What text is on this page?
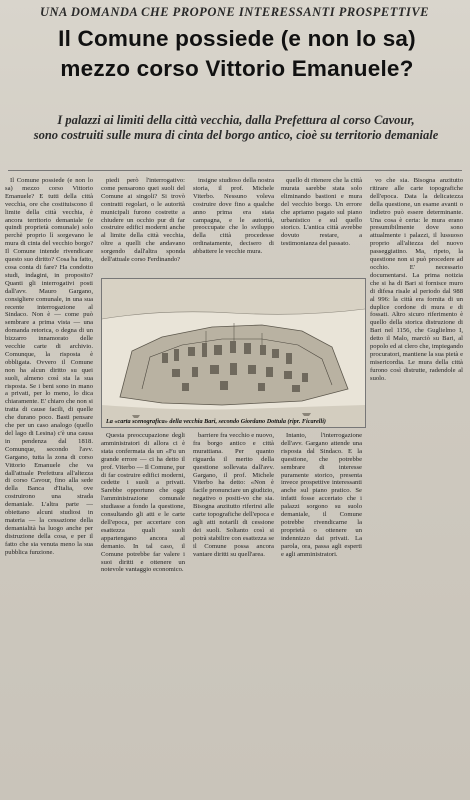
UNA DOMANDA CHE PROPONE INTERESSANTI PROSPETTIVE
Il Comune possiede (e non lo sa)
mezzo corso Vittorio Emanuele?
I palazzi ai limiti della città vecchia, dalla Prefettura al corso Cavour,
sono costruiti sulle mura di cinta del borgo antico, cioè su territorio demaniale

Il Comune possiede (e non lo sa) mezzo corso Vittorio Emanuele? E tutti della città vecchia, ore che costituiscono il limite della città vecchia, è ancora territorio demaniale (e quindi proprietà comunale) solo perchè proprio lì sorgevano le mura di cinta del vecchio borgo? Il Comune intende rivendicare questo suo diritto? Cosa ha fatto, cosa conta di fare? Ha condotto studi, indagini, in proposito? Quanti gli interrogativi posti dall'avv. Mauro Gargano, consigliere comunale, in una sua recente interrogazione al Sindaco. Non è — come può sembrare a prima vista — una domanda retorica, o degna di un bizzarro innamorato delle vecchie carte di archivio. Comunque, la risposta è obbligata. Ovvero il Comune non ha alcun diritto su quei suoli, almeno così sta la sua risposta. Se i beni sono in mano a privati, per lo meno, lo dica chiaramente. E' chiaro che non si tratta di cause facili, di quelle che durano poco. Basti pensare che per un caso analogo (quello del lago di Lesina) c'è una causa in pendenza dal 1818. Comunque, secondo l'avv. Gargano, tutta la zona di corso Vittorio Emanuele che va dall'attuale Prefettura all'altezza di corso Cavour, fino alla sede della Banca d'Italia, ove costruirono una strada demaniale. L'altra parte — obiettano alcuni studiosi in materia — la cessazione della demanialità ha luogo anche per distruzione della cosa, e per il fatto che sia venuta meno la sua pubblica funzione.

piedi però l'interrogativo: come pensarono quei suoli del Comune ai singoli? Si trovò contratti regolari, o le autorità municipali furono costrette a chiudere un occhio pur di far costruire edifici moderni anche al limite della città vecchia, oltre a quelli che andavano sorgendo dall'altra sponda dell'attuale corso Ferdinando?

insigne studioso della nostra storia, il prof. Michele Viterbo. Nessuno voleva costruire dove fino a qualche anno prima era stata campagna, e le autorità, preoccupate che lo sviluppo della città procedesse ordinatamente, decisero di abbattere le vecchie mura.

quello di ritenere che la città murata sarebbe stata solo eliminando bastioni e mura del vecchio borgo. Un errore che apriamo pagato sul piano urbanistico e sul quello storico. L'antica città avrebbe dovuto restare, a testimonianza del passato.

vo che sia. Bisogna anzitutto ritirare alle carte topografiche dell'epoca. Data la delicatezza della questione, un esame avanti o indietro può essere determinante. Una cosa è certa: le mura erano presumibilmente dove sono attualmente i palazzi, il lussuoso proprio all'altezza del nuovo passeggiatino. Ma, ripeto, la questione non si può procedere ad occhio. E' necessario documentarsi. La prima notizia che si ha di Bari si fornisce muro di difesa risale al periodo dal 988 al 996: la città era fornita di un duplice cordone di mura e di fossati. Altro sicuro riferimento è quello della storica distruzione di Bari nel 1156, che Guglielmo I, detto il Malo, marciò su Bari, al popolo ed ai clero che, impiegando procuratori, mantiene la sua pietà e misericordia. Le mura della città furono così distrutte, radendole al suolo.

La «carta scenografica» della vecchia Bari, secondo Giordano Dottula (ripr. Ficarelli)

Questa preoccupazione degli amministratori di allora ci è stata confermata da un «Fu un grande errore — ci ha detto il prof. Viterbo — Il Comune, pur di far costruire edifici moderni, cedette i suoli a privati. Sarebbe opportuno che oggi l'amministrazione comunale studiasse a fondo la questione, consultando gli atti e le carte dell'epoca, per accertare con esattezza quali suoli appartengano ancora al demanio. In tal caso, il Comune potrebbe far valere i suoi diritti e ottenere un notevole vantaggio economico.

barriere fra vecchio e nuovo, fra borgo antico e città murattiana. Per quanto riguarda il merito della questione sollevata dall'avv. Gargano, il prof. Michele Viterbo ha detto: «Non è facile pronunciare un giudizio, negativo o positi-vo che sia. Bisogna anzitutto riferirsi alle carte topografiche dell'epoca e agli atti notarili di cessione dei suoli. Soltanto così si potrà stabilire con esattezza se il Comune possa ancora vantare diritti su quell'area.

Intanto, l'interrogazione dell'avv. Gargano attende una risposta dal Sindaco. E la questione, che potrebbe sembrare di interesse puramente storico, presenta invece prospettive interessanti anche sul piano pratico. Se infatti fosse accertato che i palazzi sorgono su suolo demaniale, il Comune potrebbe rivendicarne la proprietà o ottenere un indennizzo dai privati. La parola, ora, passa agli esperti e agli amministratori.
